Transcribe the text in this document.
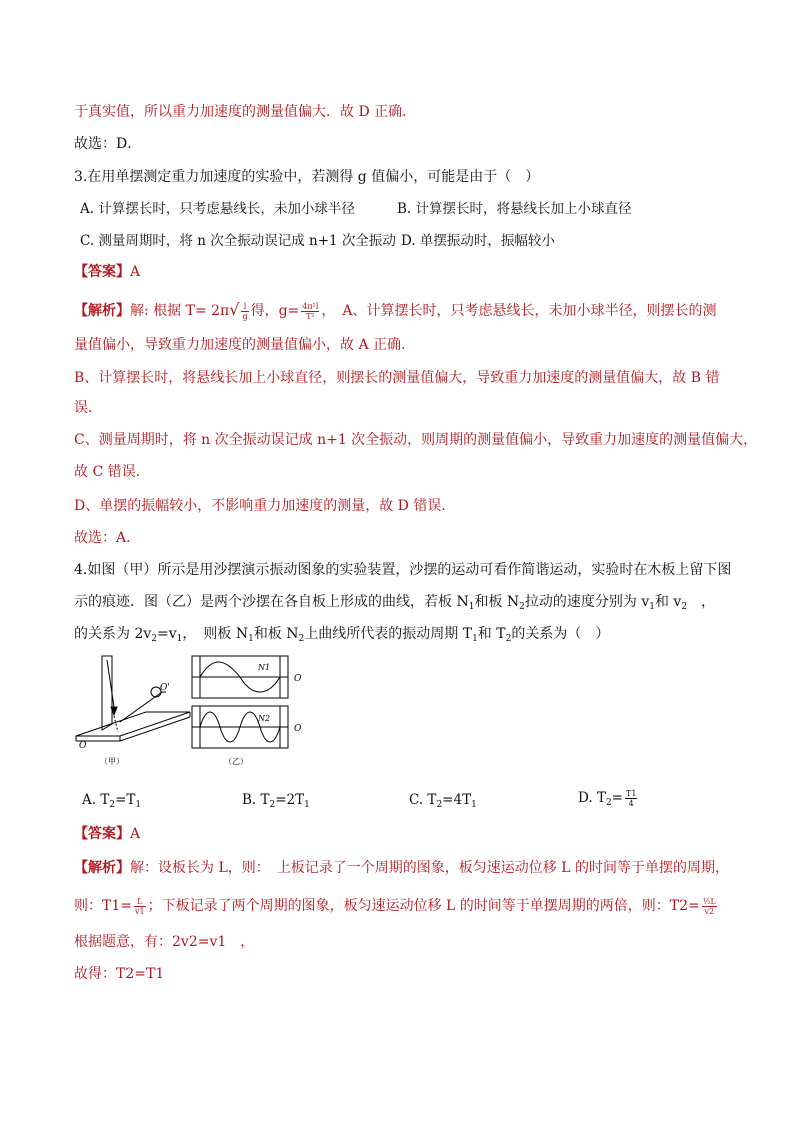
于真实值，所以重力加速度的测量值偏大．故 D 正确．
故选：D．
3.在用单摆测定重力加速度的实验中，若测得 g 值偏小，可能是由于（　）
A. 计算摆长时，只考虑悬线长，未加小球半径	B. 计算摆长时，将悬线长加上小球直径
C. 测量周期时，将 n 次全振动误记成 n+1 次全振动 D. 单摆振动时，振幅较小
【答案】A
【解析】解: 根据 $T= 2\pi√ \frac{l}{g}$ 得，$g= \frac{\text{4π²l}}{\text{T²}}$ ，　A、计算摆长时，只考虑悬线长，未加小球半径，则摆长的测
量值偏小，导致重力加速度的测量值偏小，故 A 正确．
B、计算摆长时，将悬线长加上小球直径，则摆长的测量值偏大，导致重力加速度的测量值偏大，故 B 错
误．
C、测量周期时，将 n 次全振动误记成 n+1 次全振动，则周期的测量值偏小，导致重力加速度的测量值偏大，
故 C 错误．
D、单摆的振幅较小，不影响重力加速度的测量，故 D 错误．
故选：A．
4.如图（甲）所示是用沙摆演示振动图象的实验装置，沙摆的运动可看作简谐运动，实验时在木板上留下图
示的痕迹．图（乙）是两个沙摆在各自板上形成的曲线，若板 $N_1$和板 $N_2$拉动的速度分别为 $v_1$和 $v_2$　，
的关系为 $2v_2=v_1$，　则板 $N_1$和板 $N_2$上曲线所代表的振动周期 $T_1$和 $T_2$的关系为（　）
O
O'
（甲）
N1
N2
O
O
（乙）
A. $T_2=T_1$	B. $T_2=2T_1$	C. $T_2=4T_1$	D. $T_2= \frac{T1}{4}$
【答案】A
【解析】解：设板长为 L，则：　上板记录了一个周期的图象，板匀速运动位移 L 的时间等于单摆的周期，
则：$T1= \frac{L}{v1}$ ；下板记录了两个周期的图象，板匀速运动位移 L 的时间等于单摆周期的两倍，则：$T2= \frac{\text{½L}}{v2}$
根据题意，有：2v2=v1　，
故得：T2=T1
